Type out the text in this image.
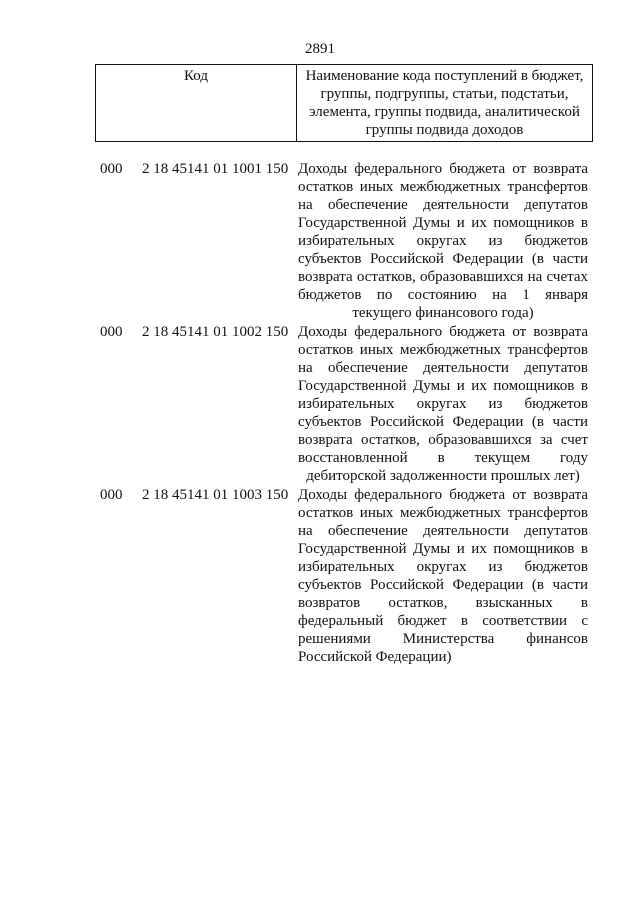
2891
Код	Наименование кода поступлений в бюджет,
группы, подгруппы, статьи, подстатьи,
элемента, группы подвида, аналитической
группы подвида доходов
000	2 18 45141 01 1001 150 Доходы федерального бюджета от возврата
остатков иных межбюджетных трансфертов
на обеспечение деятельности депутатов
Государственной Думы и их помощников в
избирательных округах из бюджетов
субъектов Российской Федерации (в части
возврата остатков, образовавшихся на счетах
бюджетов по состоянию на 1 января
текущего финансового года)
000	2 18 45141 01 1002 150 Доходы федерального бюджета от возврата
остатков иных межбюджетных трансфертов
на обеспечение деятельности депутатов
Государственной Думы и их помощников в
избирательных округах из бюджетов
субъектов Российской Федерации (в части
возврата остатков, образовавшихся за счет
восстановленной в текущем году
дебиторской задолженности прошлых лет)
000	2 18 45141 01 1003 150 Доходы федерального бюджета от возврата
остатков иных межбюджетных трансфертов
на обеспечение деятельности депутатов
Государственной Думы и их помощников в
избирательных округах из бюджетов
субъектов Российской Федерации (в части
возвратов остатков, взысканных в
федеральный бюджет в соответствии с
решениями Министерства финансов
Российской Федерации)
